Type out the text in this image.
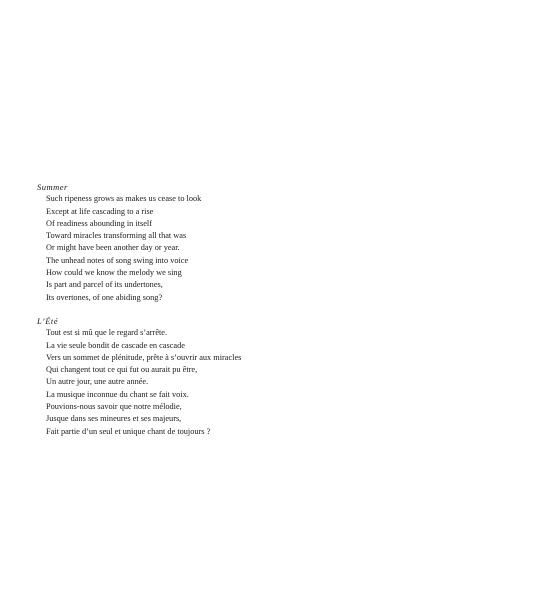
Summer
Such ripeness grows as makes us cease to look
Except at life cascading to a rise
Of readiness abounding in itself
Toward miracles transforming all that was
Or might have been another day or year.
The unhead notes of song swing into voice
How could we know the melody we sing
Is part and parcel of its undertones,
Its overtones, of one abiding song?
L’Été
Tout est si mû que le regard s’arrête.
La vie seule bondit de cascade en cascade
Vers un sommet de plénitude, prête à s’ouvrir aux miracles
Qui changent tout ce qui fut ou aurait pu être,
Un autre jour, une autre année.
La musique inconnue du chant se fait voix.
Pouvions-nous savoir que notre mélodie,
Jusque dans ses mineures et ses majeurs,
Fait partie d’un seul et unique chant de toujours ?
